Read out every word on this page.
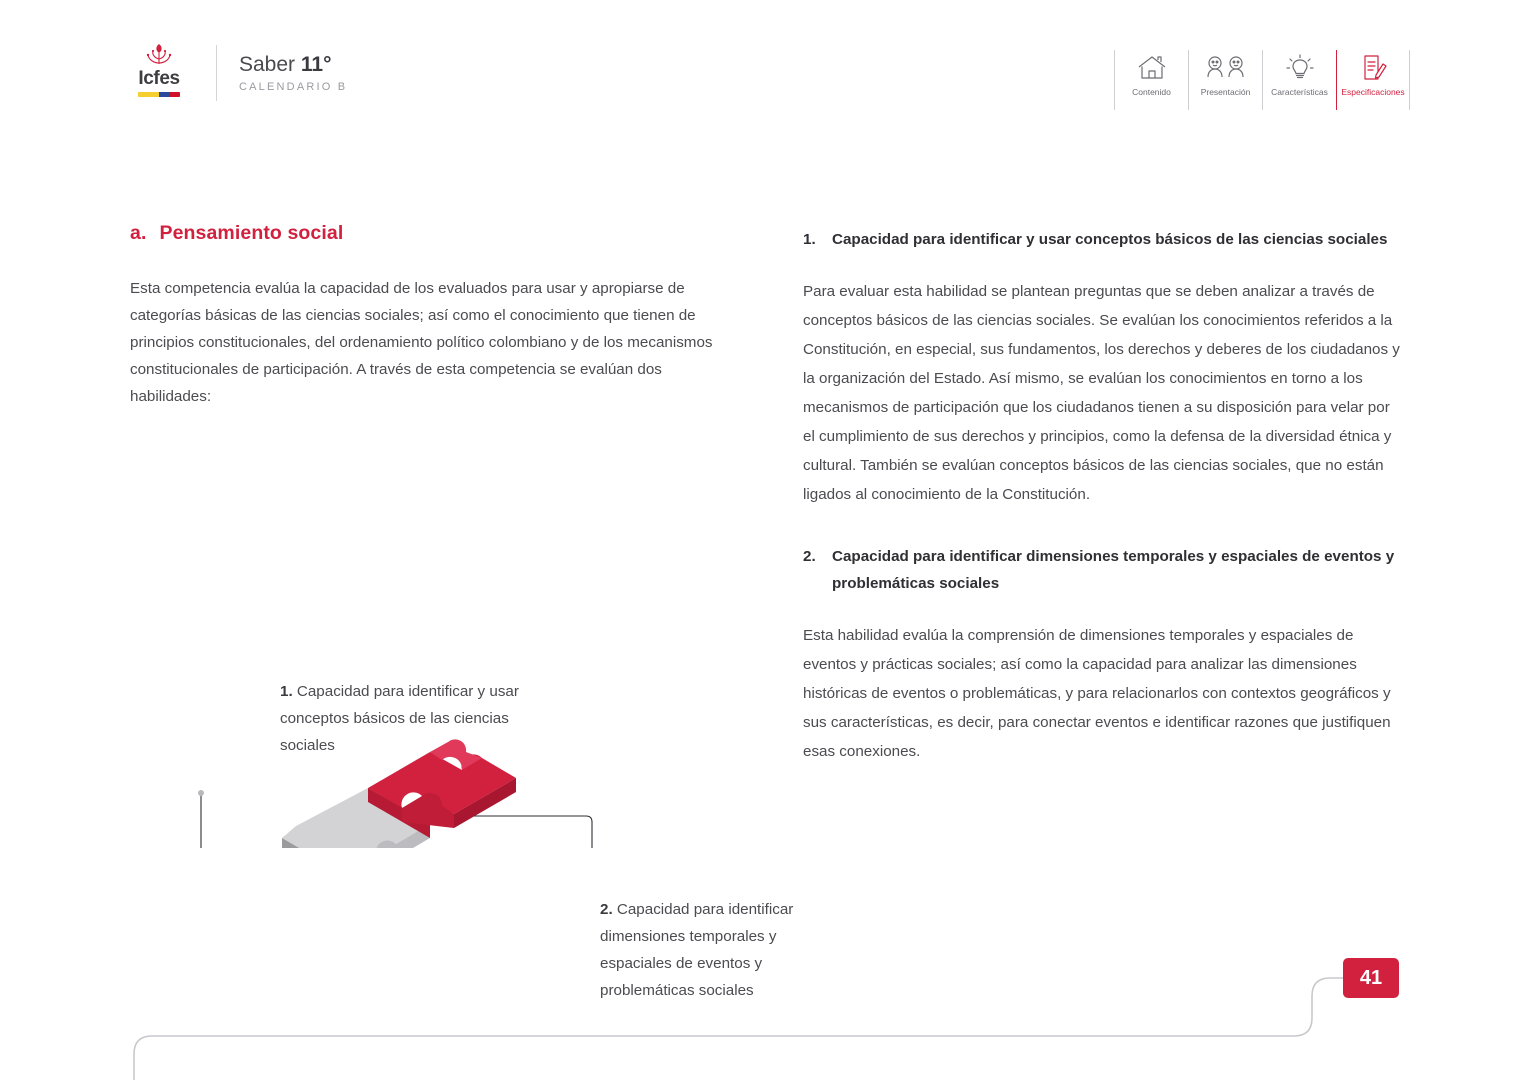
Icfes
Saber 11°
CALENDARIO B	Contenido	Presentación Características Especificaciones
a. Pensamiento social

Esta competencia evalúa la capacidad de los evaluados para usar y apropiarse de categorías básicas de las ciencias sociales; así como el conocimiento que tienen de principios constitucionales, del ordenamiento político colombiano y de los mecanismos constitucionales de participación. A través de esta competencia se evalúan dos habilidades:

1. Capacidad para identificar y usar conceptos básicos de las ciencias sociales
2. Capacidad para identificar dimensiones temporales y espaciales de eventos y problemáticas sociales
1.	Capacidad para identificar y usar conceptos básicos de las ciencias sociales

Para evaluar esta habilidad se plantean preguntas que se deben analizar a través de conceptos básicos de las ciencias sociales. Se evalúan los conocimientos referidos a la Constitución, en especial, sus fundamentos, los derechos y deberes de los ciudadanos y la organización del Estado. Así mismo, se evalúan los conocimientos en torno a los mecanismos de participación que los ciudadanos tienen a su disposición para velar por el cumplimiento de sus derechos y principios, como la defensa de la diversidad étnica y cultural. También se evalúan conceptos básicos de las ciencias sociales, que no están ligados al conocimiento de la Constitución.

2.	Capacidad para identificar dimensiones temporales y espaciales de eventos y problemáticas sociales

Esta habilidad evalúa la comprensión de dimensiones temporales y espaciales de eventos y prácticas sociales; así como la capacidad para analizar las dimensiones históricas de eventos o problemáticas, y para relacionarlos con contextos geográficos y sus características, es decir, para conectar eventos e identificar razones que justifiquen esas conexiones.

41
